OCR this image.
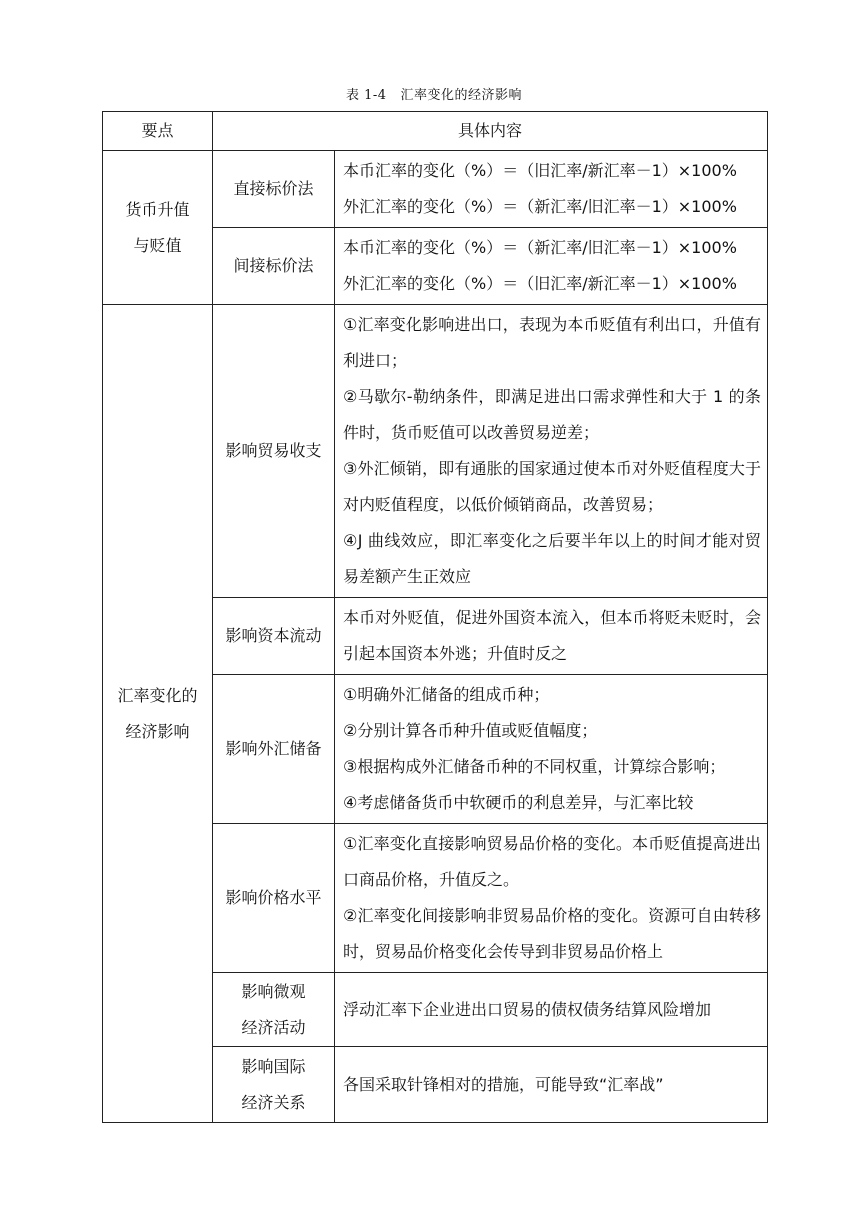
表 1-4 汇率变化的经济影响
要点	具体内容	

货币升值
与贬值	直接标价法	本币汇率的变化（%）＝（旧汇率/新汇率－1）×100%
外汇汇率的变化（%）＝（新汇率/旧汇率－1）×100%

	间接标价法	本币汇率的变化（%）＝（新汇率/旧汇率－1）×100%
外汇汇率的变化（%）＝（旧汇率/新汇率－1）×100%

汇率变化的
经济影响	影响贸易收支	①汇率变化影响进出口，表现为本币贬值有利出口，升值有利进口；
②马歇尔-勒纳条件，即满足进出口需求弹性和大于 1 的条件时，货币贬值可以改善贸易逆差；
③外汇倾销，即有通胀的国家通过使本币对外贬值程度大于对内贬值程度，以低价倾销商品，改善贸易；
④J 曲线效应，即汇率变化之后要半年以上的时间才能对贸易差额产生正效应

	影响资本流动	本币对外贬值，促进外国资本流入，但本币将贬未贬时，会引起本国资本外逃；升值时反之
	影响外汇储备	①明确外汇储备的组成币种；
②分别计算各币种升值或贬值幅度；
③根据构成外汇储备币种的不同权重，计算综合影响；
④考虑储备货币中软硬币的利息差异，与汇率比较

	影响价格水平	①汇率变化直接影响贸易品价格的变化。本币贬值提高进出口商品价格，升值反之。
②汇率变化间接影响非贸易品价格的变化。资源可自由转移时，贸易品价格变化会传导到非贸易品价格上

	影响微观
经济活动	浮动汇率下企业进出口贸易的债权债务结算风险增加

	影响国际
经济关系	各国采取针锋相对的措施，可能导致“汇率战”
